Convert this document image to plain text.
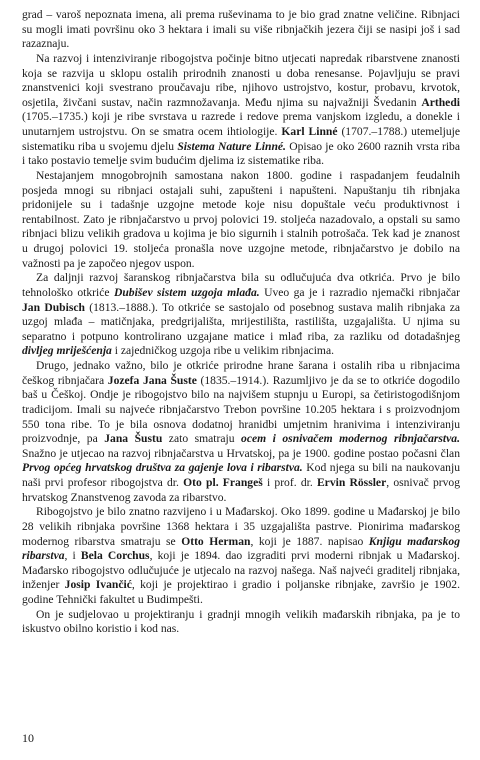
grad – varoš nepoznata imena, ali prema ruševinama to je bio grad znatne veličine. Ribnjaci su mogli imati površinu oko 3 hektara i imali su više ribnjačkih jezera čiji se nasipi još i sad razaznaju.

Na razvoj i intenziviranje ribogojstva počinje bitno utjecati napredak ribarstvene znanosti koja se razvija u sklopu ostalih prirodnih znanosti u doba renesanse. Pojavljuju se pravi znanstvenici koji svestrano proučavaju ribe, njihovo ustrojstvo, kostur, probavu, krvotok, osjetila, živčani sustav, način razmnožavanja. Među njima su najvažniji Švedanin Arthedi (1705.–1735.) koji je ribe svrstava u razrede i redove prema vanjskom izgledu, a donekle i unutarnjem ustrojstvu. On se smatra ocem ihtiologije. Karl Linné (1707.–1788.) utemeljuje sistematiku riba u svojemu djelu Sistema Nature Linné. Opisao je oko 2600 raznih vrsta riba i tako postavio temelje svim budućim djelima iz sistematike riba.

Nestajanjem mnogobrojnih samostana nakon 1800. godine i raspadanjem feudalnih posjeda mnogi su ribnjaci ostajali suhi, zapušteni i napušteni. Napuštanju tih ribnjaka pridonijele su i tadašnje uzgojne metode koje nisu dopuštale veću produktivnost i rentabilnost. Zato je ribnjačarstvo u prvoj polovici 19. stoljeća nazadovalo, a opstali su samo ribnjaci blizu velikih gradova u kojima je bio sigurnih i stalnih potrošača. Tek kad je znanost u drugoj polovici 19. stoljeća pronašla nove uzgojne metode, ribnjačarstvo je dobilo na važnosti pa je započeo njegov uspon.

Za daljnji razvoj šaranskog ribnjačarstva bila su odlučujuća dva otkrića. Prvo je bilo tehnološko otkriće Dubišev sistem uzgoja mlađa. Uveo ga je i razradio njemački ribnjačar Jan Dubisch (1813.–1888.). To otkriće se sastojalo od posebnog sustava malih ribnjaka za uzgoj mlađa – matičnjaka, predgrijališta, mrijestilišta, rastilišta, uzgajališta. U njima su separatno i potpuno kontrolirano uzgajane matice i mlađ riba, za razliku od dotadašnjeg divljeg mriješćenja i zajedničkog uzgoja ribe u velikim ribnjacima.

Drugo, jednako važno, bilo je otkriće prirodne hrane šarana i ostalih riba u ribnjacima češkog ribnjačara Jozefa Jana Šuste (1835.–1914.). Razumljivo je da se to otkriće dogodilo baš u Češkoj. Ondje je ribogojstvo bilo na najvišem stupnju u Europi, sa četiristogodišnjom tradicijom. Imali su najveće ribnjačarstvo Trebon površine 10.205 hektara i s proizvodnjom 550 tona ribe. To je bila osnova dodatnoj hranidbi umjetnim hranivima i intenziviranju proizvodnje, pa Jana Šustu zato smatraju ocem i osnivačem modernog ribnjačarstva. Snažno je utjecao na razvoj ribnjačarstva u Hrvatskoj, pa je 1900. godine postao počasni član Prvog općeg hrvatskog društva za gajenje lova i ribarstva. Kod njega su bili na naukovanju naši prvi profesor ribogojstva dr. Oto pl. Frangeš i prof. dr. Ervin Rössler, osnivač prvog hrvatskog Znanstvenog zavoda za ribarstvo.

Ribogojstvo je bilo znatno razvijeno i u Mađarskoj. Oko 1899. godine u Mađarskoj je bilo 28 velikih ribnjaka površine 1368 hektara i 35 uzgajališta pastrve. Pionirima mađarskog modernog ribarstva smatraju se Otto Herman, koji je 1887. napisao Knjigu mađarskog ribarstva, i Bela Corchus, koji je 1894. dao izgraditi prvi moderni ribnjak u Mađarskoj. Mađarsko ribogojstvo odlučujuće je utjecalo na razvoj našega. Naš najveći graditelj ribnjaka, inženjer Josip Ivančić, koji je projektirao i gradio i poljanske ribnjake, završio je 1902. godine Tehnički fakultet u Budimpešti.

On je sudjelovao u projektiranju i gradnji mnogih velikih mađarskih ribnjaka, pa je to iskustvo obilno koristio i kod nas.

10
